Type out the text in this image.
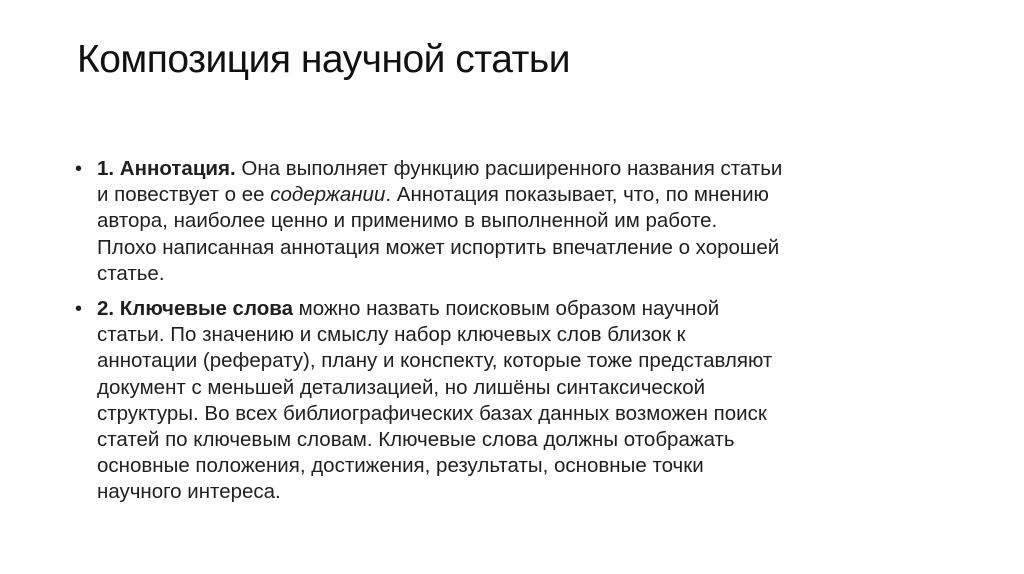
Композиция научной статьи
• 1. Аннотация. Она выполняет функцию расширенного названия статьи
и повествует о ее содержании. Аннотация показывает, что, по мнению
автора, наиболее ценно и применимо в выполненной им работе.
Плохо написанная аннотация может испортить впечатление о хорошей
статье.
• 2. Ключевые слова можно назвать поисковым образом научной
статьи. По значению и смыслу набор ключевых слов близок к
аннотации (реферату), плану и конспекту, которые тоже представляют
документ с меньшей детализацией, но лишёны синтаксической
структуры. Во всех библиографических базах данных возможен поиск
статей по ключевым словам. Ключевые слова должны отображать
основные положения, достижения, результаты, основные точки
научного интереса.
